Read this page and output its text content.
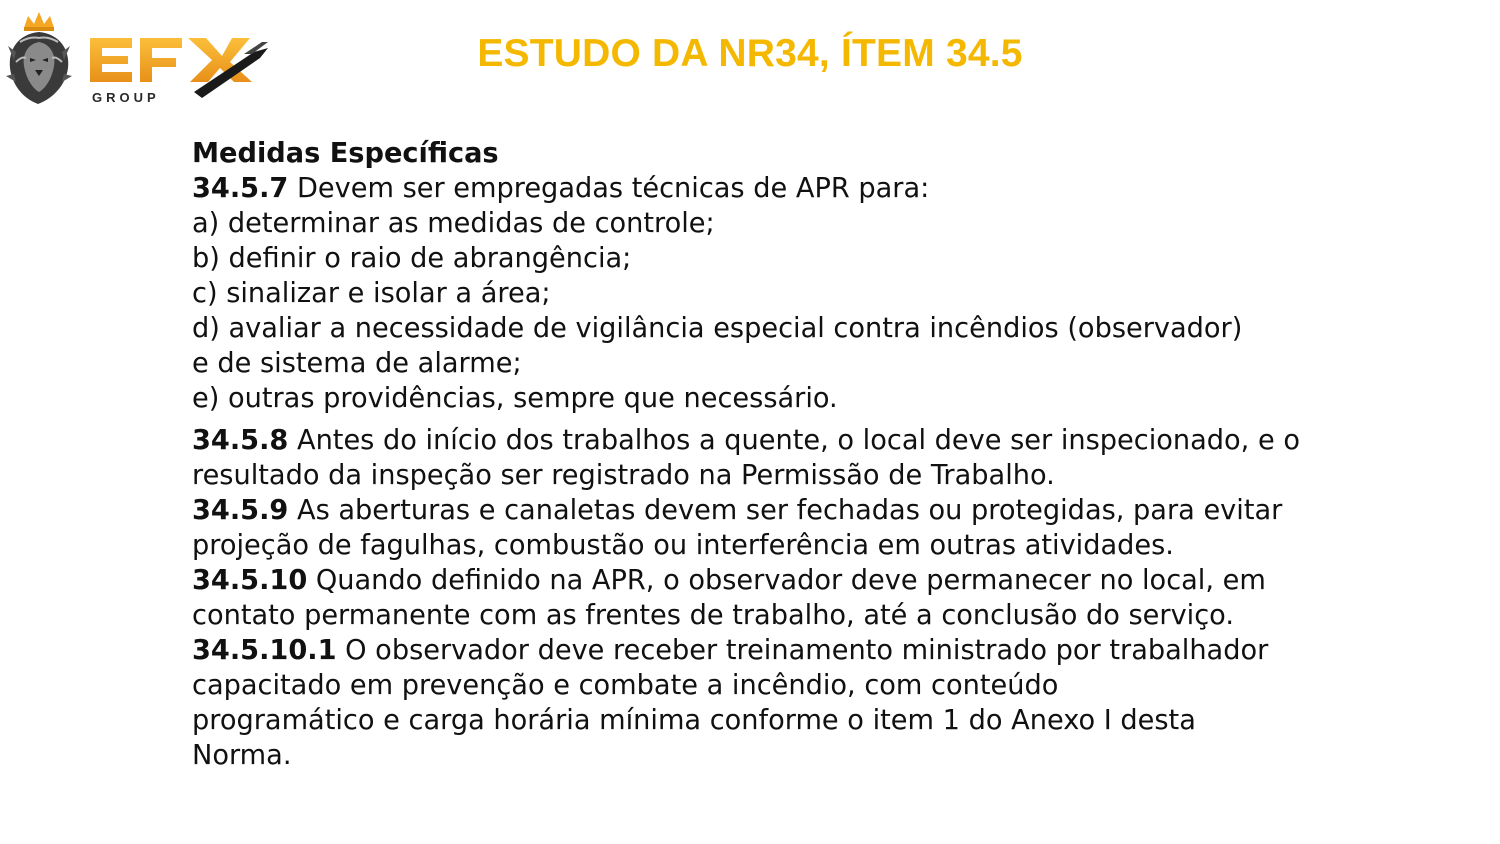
GROUP
ESTUDO DA NR34, ÍTEM 34.5
Medidas Específicas
34.5.7 Devem ser empregadas técnicas de APR para:
a) determinar as medidas de controle;
b) definir o raio de abrangência;
c) sinalizar e isolar a área;
d) avaliar a necessidade de vigilância especial contra incêndios (observador)
e de sistema de alarme;
e) outras providências, sempre que necessário.
34.5.8 Antes do início dos trabalhos a quente, o local deve ser inspecionado, e o
resultado da inspeção ser registrado na Permissão de Trabalho.
34.5.9 As aberturas e canaletas devem ser fechadas ou protegidas, para evitar
projeção de fagulhas, combustão ou interferência em outras atividades.
34.5.10 Quando definido na APR, o observador deve permanecer no local, em
contato permanente com as frentes de trabalho, até a conclusão do serviço.
34.5.10.1 O observador deve receber treinamento ministrado por trabalhador
capacitado em prevenção e combate a incêndio, com conteúdo
programático e carga horária mínima conforme o item 1 do Anexo I desta
Norma.
